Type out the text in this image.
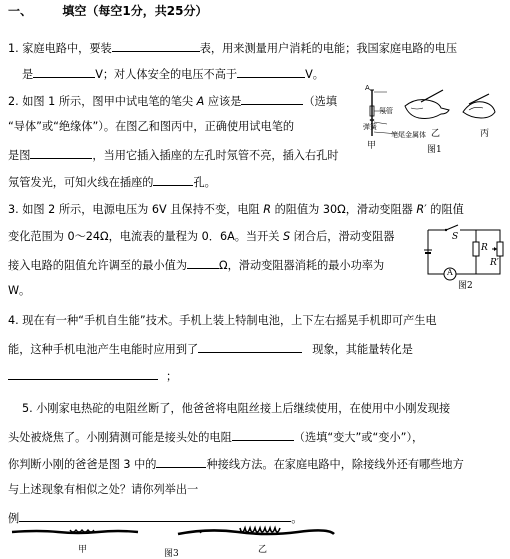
一、	填空（每空1分，共25分）
1. 家庭电路中，要装	表，用来测量用户消耗的电能；我国家庭电路的电压
是	V；对人体安全的电压不高于	V。
2. 如图 1 所示，图甲中试电笔的笔尖 A 应该是	（选填
“导体”或“绝缘体”）。在图乙和图丙中，正确使用试电笔的
是图	，当用它插入插座的左孔时氖管不亮，插入右孔时
氖管发光，可知火线在插座的	孔。
A
氖管
弹簧
笔尾金属体
甲
乙	丙
图1
3. 如图 2 所示，电源电压为 6V 且保持不变，电阻 R 的阻值为 30Ω，滑动变阻器 R′ 的阻值
变化范围为 0～24Ω，电流表的量程为 0．6A。当开关 S 闭合后，滑动变阻器
接入电路的阻值允许调至的最小值为	Ω，滑动变阻器消耗的最小功率为
W。
S
R
R′
A
图2
4. 现在有一种“手机自生能”技术。手机上装上特制电池，上下左右摇晃手机即可产生电
能，这种手机电池产生电能时应用到了	现象，其能量转化是
；
5. 小刚家电热砣的电阻丝断了，他爸爸将电阻丝接上后继续使用，在使用中小刚发现接
头处被烧焦了。小刚猜测可能是接头处的电阻	（选填“变大”或“变小”），
你判断小刚的爸爸是图 3 中的	种接线方法。在家庭电路中，除接线外还有哪些地方
与上述现象有相似之处？请你列举出一
例	。
甲	乙
图3
